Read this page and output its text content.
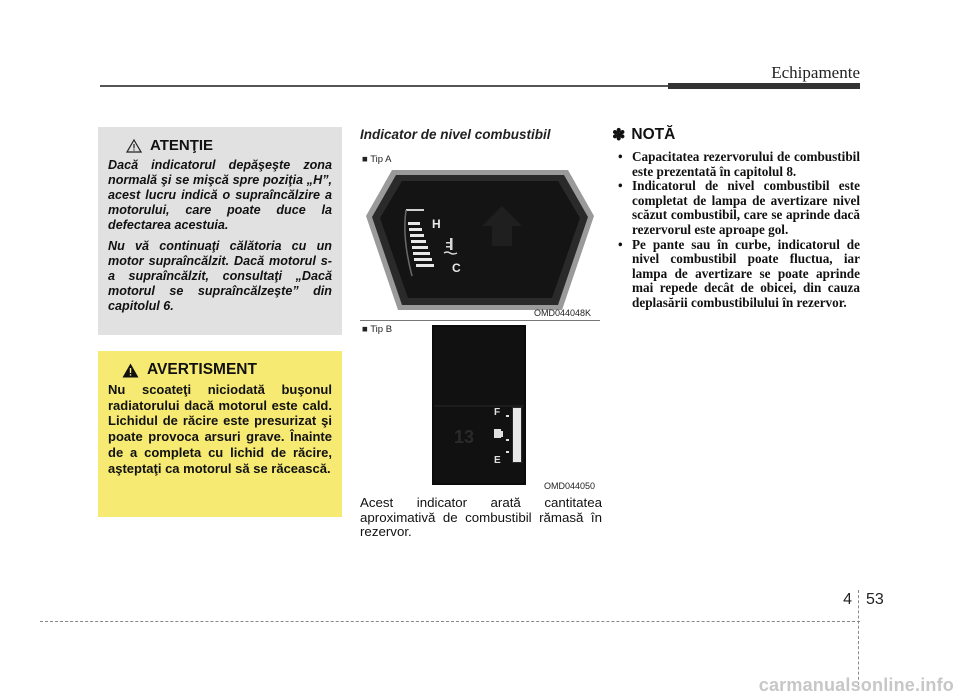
Echipamente
ATENŢIE

Dacă indicatorul depăşeşte zona normală şi se mişcă spre poziţia „H”, acest lucru indică o supraîncălzire a motorului, care poate duce la defectarea acestuia.

Nu vă continuaţi călătoria cu un motor supraîncălzit. Dacă motorul s-a supraîncălzit, consultaţi „Dacă motorul se supraîncălzeşte” din capitolul 6.

AVERTISMENT

Nu scoateţi niciodată buşonul radiatorului dacă motorul este cald. Lichidul de răcire este presurizat şi poate provoca arsuri grave. Înainte de a completa cu lichid de răcire, aşteptaţi ca motorul să se răcească.

Indicator de nivel combustibil
■ Tip A
H
C
OMD044048K
■ Tip B
13
F
E
OMD044050
Acest indicator arată cantitatea aproximativă de combustibil rămasă în rezervor.
✽ NOTĂ
• Capacitatea rezervorului de combustibil este prezentată în capitolul 8.
• Indicatorul de nivel combustibil este completat de lampa de avertizare nivel scăzut combustibil, care se aprinde dacă rezervorul este aproape gol.
• Pe pante sau în curbe, indicatorul de nivel combustibil poate fluctua, iar lampa de avertizare se poate aprinde mai repede decât de obicei, din cauza deplasării combustibilului în rezervor.
4 53
carmanualsonline.info
